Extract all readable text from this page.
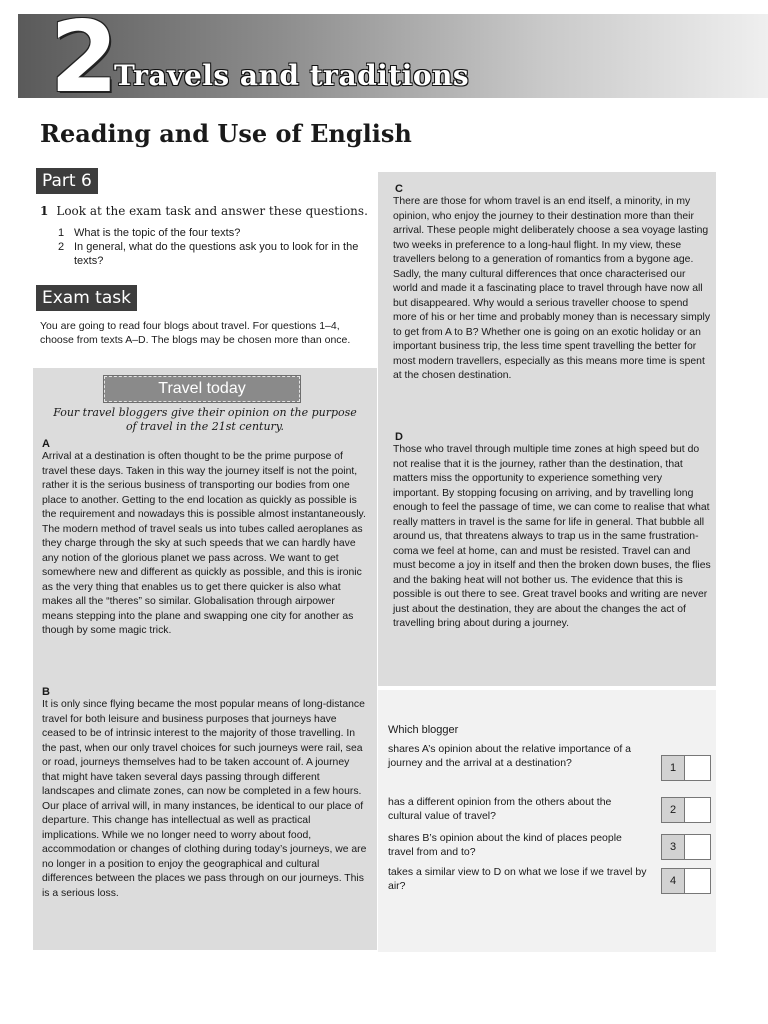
2
Travels and traditions
Reading and Use of English
Part 6
1 Look at the exam task and answer these questions.
1 What is the topic of the four texts?
2 In general, what do the questions ask you to look for in the texts?
Exam task
You are going to read four blogs about travel. For questions 1–4, choose from texts A–D. The blogs may be chosen more than once.
Travel today
Four travel bloggers give their opinion on the purpose of travel in the 21st century.
A
Arrival at a destination is often thought to be the prime purpose of travel these days. Taken in this way the journey itself is not the point, rather it is the serious business of transporting our bodies from one place to another. Getting to the end location as quickly as possible is the requirement and nowadays this is possible almost instantaneously. The modern method of travel seals us into tubes called aeroplanes as they charge through the sky at such speeds that we can hardly have any notion of the glorious planet we pass across. We want to get somewhere new and different as quickly as possible, and this is ironic as the very thing that enables us to get there quicker is also what makes all the “theres” so similar. Globalisation through airpower means stepping into the plane and swapping one city for another as though by some magic trick.
B
It is only since flying became the most popular means of long-distance travel for both leisure and business purposes that journeys have ceased to be of intrinsic interest to the majority of those travelling. In the past, when our only travel choices for such journeys were rail, sea or road, journeys themselves had to be taken account of. A journey that might have taken several days passing through different landscapes and climate zones, can now be completed in a few hours. Our place of arrival will, in many instances, be identical to our place of departure. This change has intellectual as well as practical implications. While we no longer need to worry about food, accommodation or changes of clothing during today’s journeys, we are no longer in a position to enjoy the geographical and cultural differences between the places we pass through on our journeys. This is a serious loss.
C
There are those for whom travel is an end itself, a minority, in my opinion, who enjoy the journey to their destination more than their arrival. These people might deliberately choose a sea voyage lasting two weeks in preference to a long-haul flight. In my view, these travellers belong to a generation of romantics from a bygone age. Sadly, the many cultural differences that once characterised our world and made it a fascinating place to travel through have now all but disappeared. Why would a serious traveller choose to spend more of his or her time and probably money than is necessary simply to get from A to B? Whether one is going on an exotic holiday or an important business trip, the less time spent travelling the better for most modern travellers, especially as this means more time is spent at the chosen destination.
D
Those who travel through multiple time zones at high speed but do not realise that it is the journey, rather than the destination, that matters miss the opportunity to experience something very important. By stopping focusing on arriving, and by travelling long enough to feel the passage of time, we can come to realise that what really matters in travel is the same for life in general. That bubble all around us, that threatens always to trap us in the same frustration-coma we feel at home, can and must be resisted. Travel can and must become a joy in itself and then the broken down buses, the flies and the baking heat will not bother us. The evidence that this is possible is out there to see. Great travel books and writing are never just about the destination, they are about the changes the act of travelling bring about during a journey.
Which blogger
shares A’s opinion about the relative importance of a journey and the arrival at a destination?
has a different opinion from the others about the cultural value of travel?
shares B’s opinion about the kind of places people travel from and to?
takes a similar view to D on what we lose if we travel by air?
1
2
3
4
